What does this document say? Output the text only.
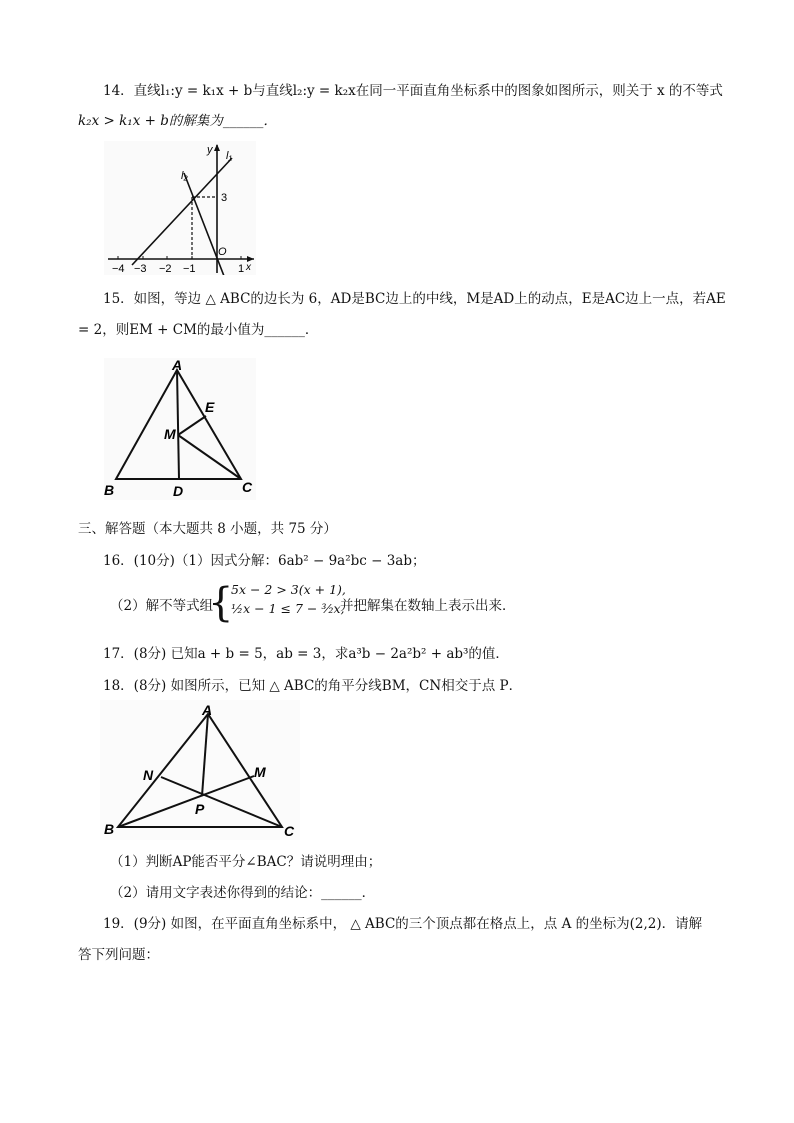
14．直线l₁:y = k₁x + b与直线l₂:y = k₂x在同一平面直角坐标系中的图象如图所示，则关于 x 的不等式
k₂x > k₁x + b的解集为______．
−4 −3 −2 −1	1
3
O
x
y l₁
l₂
15．如图，等边 △ ABC的边长为 6，AD是BC边上的中线，M是AD上的动点，E是AC边上一点，若AE
= 2，则EM + CM的最小值为______．
A
B	C
D
E
M
三、解答题（本大题共 8 小题，共 75 分）
16．(10分)（1）因式分解：6ab² − 9a²bc − 3ab；
（2）解不等式组
{
5x − 2 > 3(x + 1),
½x − 1 ≤ 7 − ³⁄₂x,
并把解集在数轴上表示出来．
17．(8分) 已知a + b = 5，ab = 3，求a³b − 2a²b² + ab³的值．
18．(8分) 如图所示，已知 △ ABC的角平分线BM，CN相交于点 P．
A
B	C
M
N
P
（1）判断AP能否平分∠BAC？请说明理由；
（2）请用文字表述你得到的结论：______．
19．(9分) 如图，在平面直角坐标系中， △ ABC的三个顶点都在格点上，点 A 的坐标为(2,2)．请解
答下列问题：
